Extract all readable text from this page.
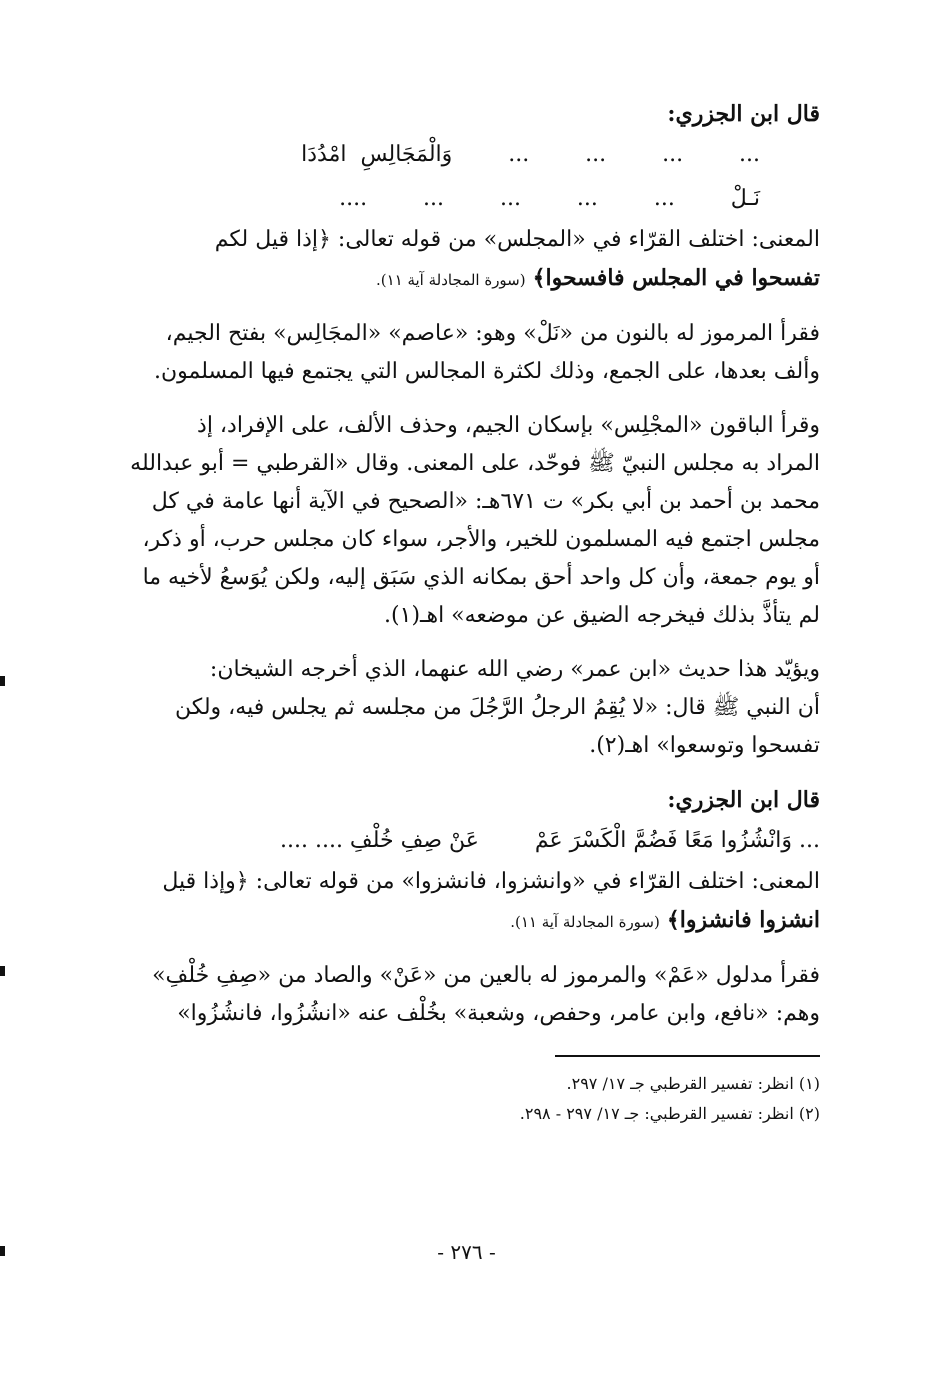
قال ابن الجزري:
...        ...        ...        ...        وَالْمَجَالِسِ  امْدُدَا
نَـلْ        ...        ...        ...        ...        ....
المعنى: اختلف القرّاء في «المجلس» من قوله تعالى: ﴿إذا قيل لكم
تفسحوا في المجلس فافسحوا﴾ (سورة المجادلة آية ١١).
فقرأ المرموز له بالنون من «نَلْ» وهو: «عاصم» «المجَالِس» بفتح الجيم،
وألف بعدها، على الجمع، وذلك لكثرة المجالس التي يجتمع فيها المسلمون.
وقرأ الباقون «المجْلِس» بإسكان الجيم، وحذف الألف، على الإفراد، إذ
المراد به مجلس النبيّ ﷺ فوحّد، على المعنى. وقال «القرطبي = أبو عبدالله
محمد بن أحمد بن أبي بكر» ت ٦٧١هـ: «الصحيح في الآية أنها عامة في كل
مجلس اجتمع فيه المسلمون للخير، والأجر، سواء كان مجلس حرب، أو ذكر،
أو يوم جمعة، وأن كل واحد أحق بمكانه الذي سَبَق إليه، ولكن يُوَسعُ لأخيه ما
لم يتأذَّ بذلك فيخرجه الضيق عن موضعه» اهـ(١).
ويؤيّد هذا حديث «ابن عمر» رضي الله عنهما، الذي أخرجه الشيخان:
أن النبي ﷺ قال: «لا يُقِمُ الرجلُ الرَّجُلَ من مجلسه ثم يجلس فيه، ولكن
تفسحوا وتوسعوا» اهـ(٢).
قال ابن الجزري:
... وَانْشُزُوا مَعًا فَضُمَّ الْكَسْرَ عَمْ        عَنْ صِفِ خُلْفِ .... ....
المعنى: اختلف القرّاء في «وانشزوا، فانشزوا» من قوله تعالى: ﴿وإذا قيل
انشزوا فانشزوا﴾ (سورة المجادلة آية ١١).
فقرأ مدلول «عَمْ» والمرموز له بالعين من «عَنْ» والصاد من «صِفِ خُلْفِ»
وهم: «نافع، وابن عامر، وحفص، وشعبة» بخُلْف عنه «انشُزُوا، فانشُزُوا»
(١) انظر: تفسير القرطبي جـ ١٧/ ٢٩٧.
(٢) انظر: تفسير القرطبي: جـ ١٧/ ٢٩٧ - ٢٩٨.
- ٢٧٦ -
